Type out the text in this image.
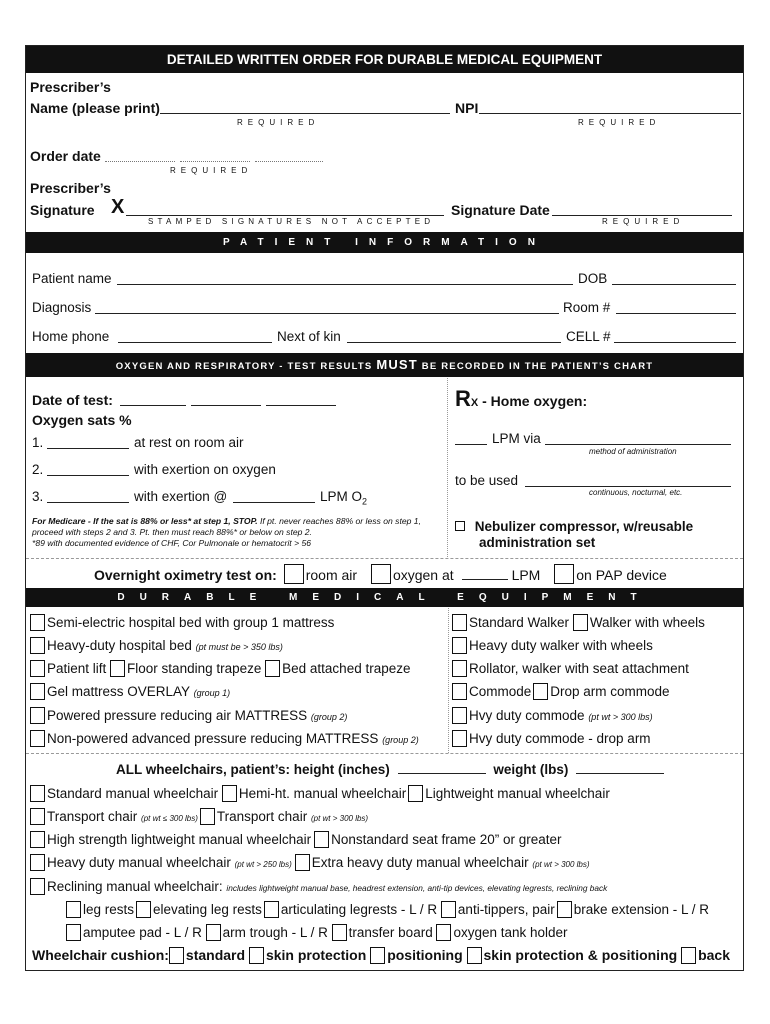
DETAILED WRITTEN ORDER FOR DURABLE MEDICAL EQUIPMENT
Prescriber’s
Name (please print)	NPI
REQUIRED	REQUIRED
Order date
REQUIRED
Prescriber’s
Signature X
STAMPED SIGNATURES NOT ACCEPTED
Signature Date
REQUIRED
PATIENT INFORMATION
Patient name	DOB
Diagnosis	Room #
Home phone	Next of kin	CELL #
OXYGEN AND RESPIRATORY - TEST RESULTS MUST BE RECORDED IN THE PATIENT’S CHART
Date of test:
Oxygen sats %
1.	at rest on room air
2.	with exertion on oxygen
3.	with exertion @	LPM $O_2$
For Medicare - If the sat is 88% or less* at step 1, STOP. If pt. never reaches 88% or less on step 1, proceed with steps 2 and 3. Pt. then must reach 88%* or below on step 2.
*89 with documented evidence of CHF, Cor Pulmonale or hematocrit > 56
RX - Home oxygen:
LPM via
method of administration
to be used
continuous, nocturnal, etc.
Nebulizer compressor, w/reusable
administration set
Overnight oximetry test on: room air	oxygen at	LPM	on PAP device
DURABLE MEDICAL EQUIPMENT
Semi-electric hospital bed with group 1 mattress
Heavy-duty hospital bed (pt must be > 350 lbs)
Patient lift Floor standing trapeze Bed attached trapeze
Gel mattress OVERLAY (group 1)
Powered pressure reducing air MATTRESS (group 2)
Non-powered advanced pressure reducing MATTRESS (group 2)
Standard Walker Walker with wheels
Heavy duty walker with wheels
Rollator, walker with seat attachment
Commode Drop arm commode
Hvy duty commode (pt wt > 300 lbs)
Hvy duty commode - drop arm
ALL wheelchairs, patient’s: height (inches)	weight (lbs)
Standard manual wheelchair Hemi-ht. manual wheelchair Lightweight manual wheelchair
Transport chair (pt wt ≤ 300 lbs) Transport chair (pt wt > 300 lbs)
High strength lightweight manual wheelchair Nonstandard seat frame 20” or greater
Heavy duty manual wheelchair (pt wt > 250 lbs) Extra heavy duty manual wheelchair (pt wt > 300 lbs)
Reclining manual wheelchair: includes lightweight manual base, headrest extension, anti-tip devices, elevating legrests, reclining back
leg rests elevating leg rests articulating legrests - L / R anti-tippers, pair brake extension - L / R
amputee pad - L / R arm trough - L / R transfer board oxygen tank holder
Wheelchair cushion: standard skin protection positioning skin protection & positioning back
